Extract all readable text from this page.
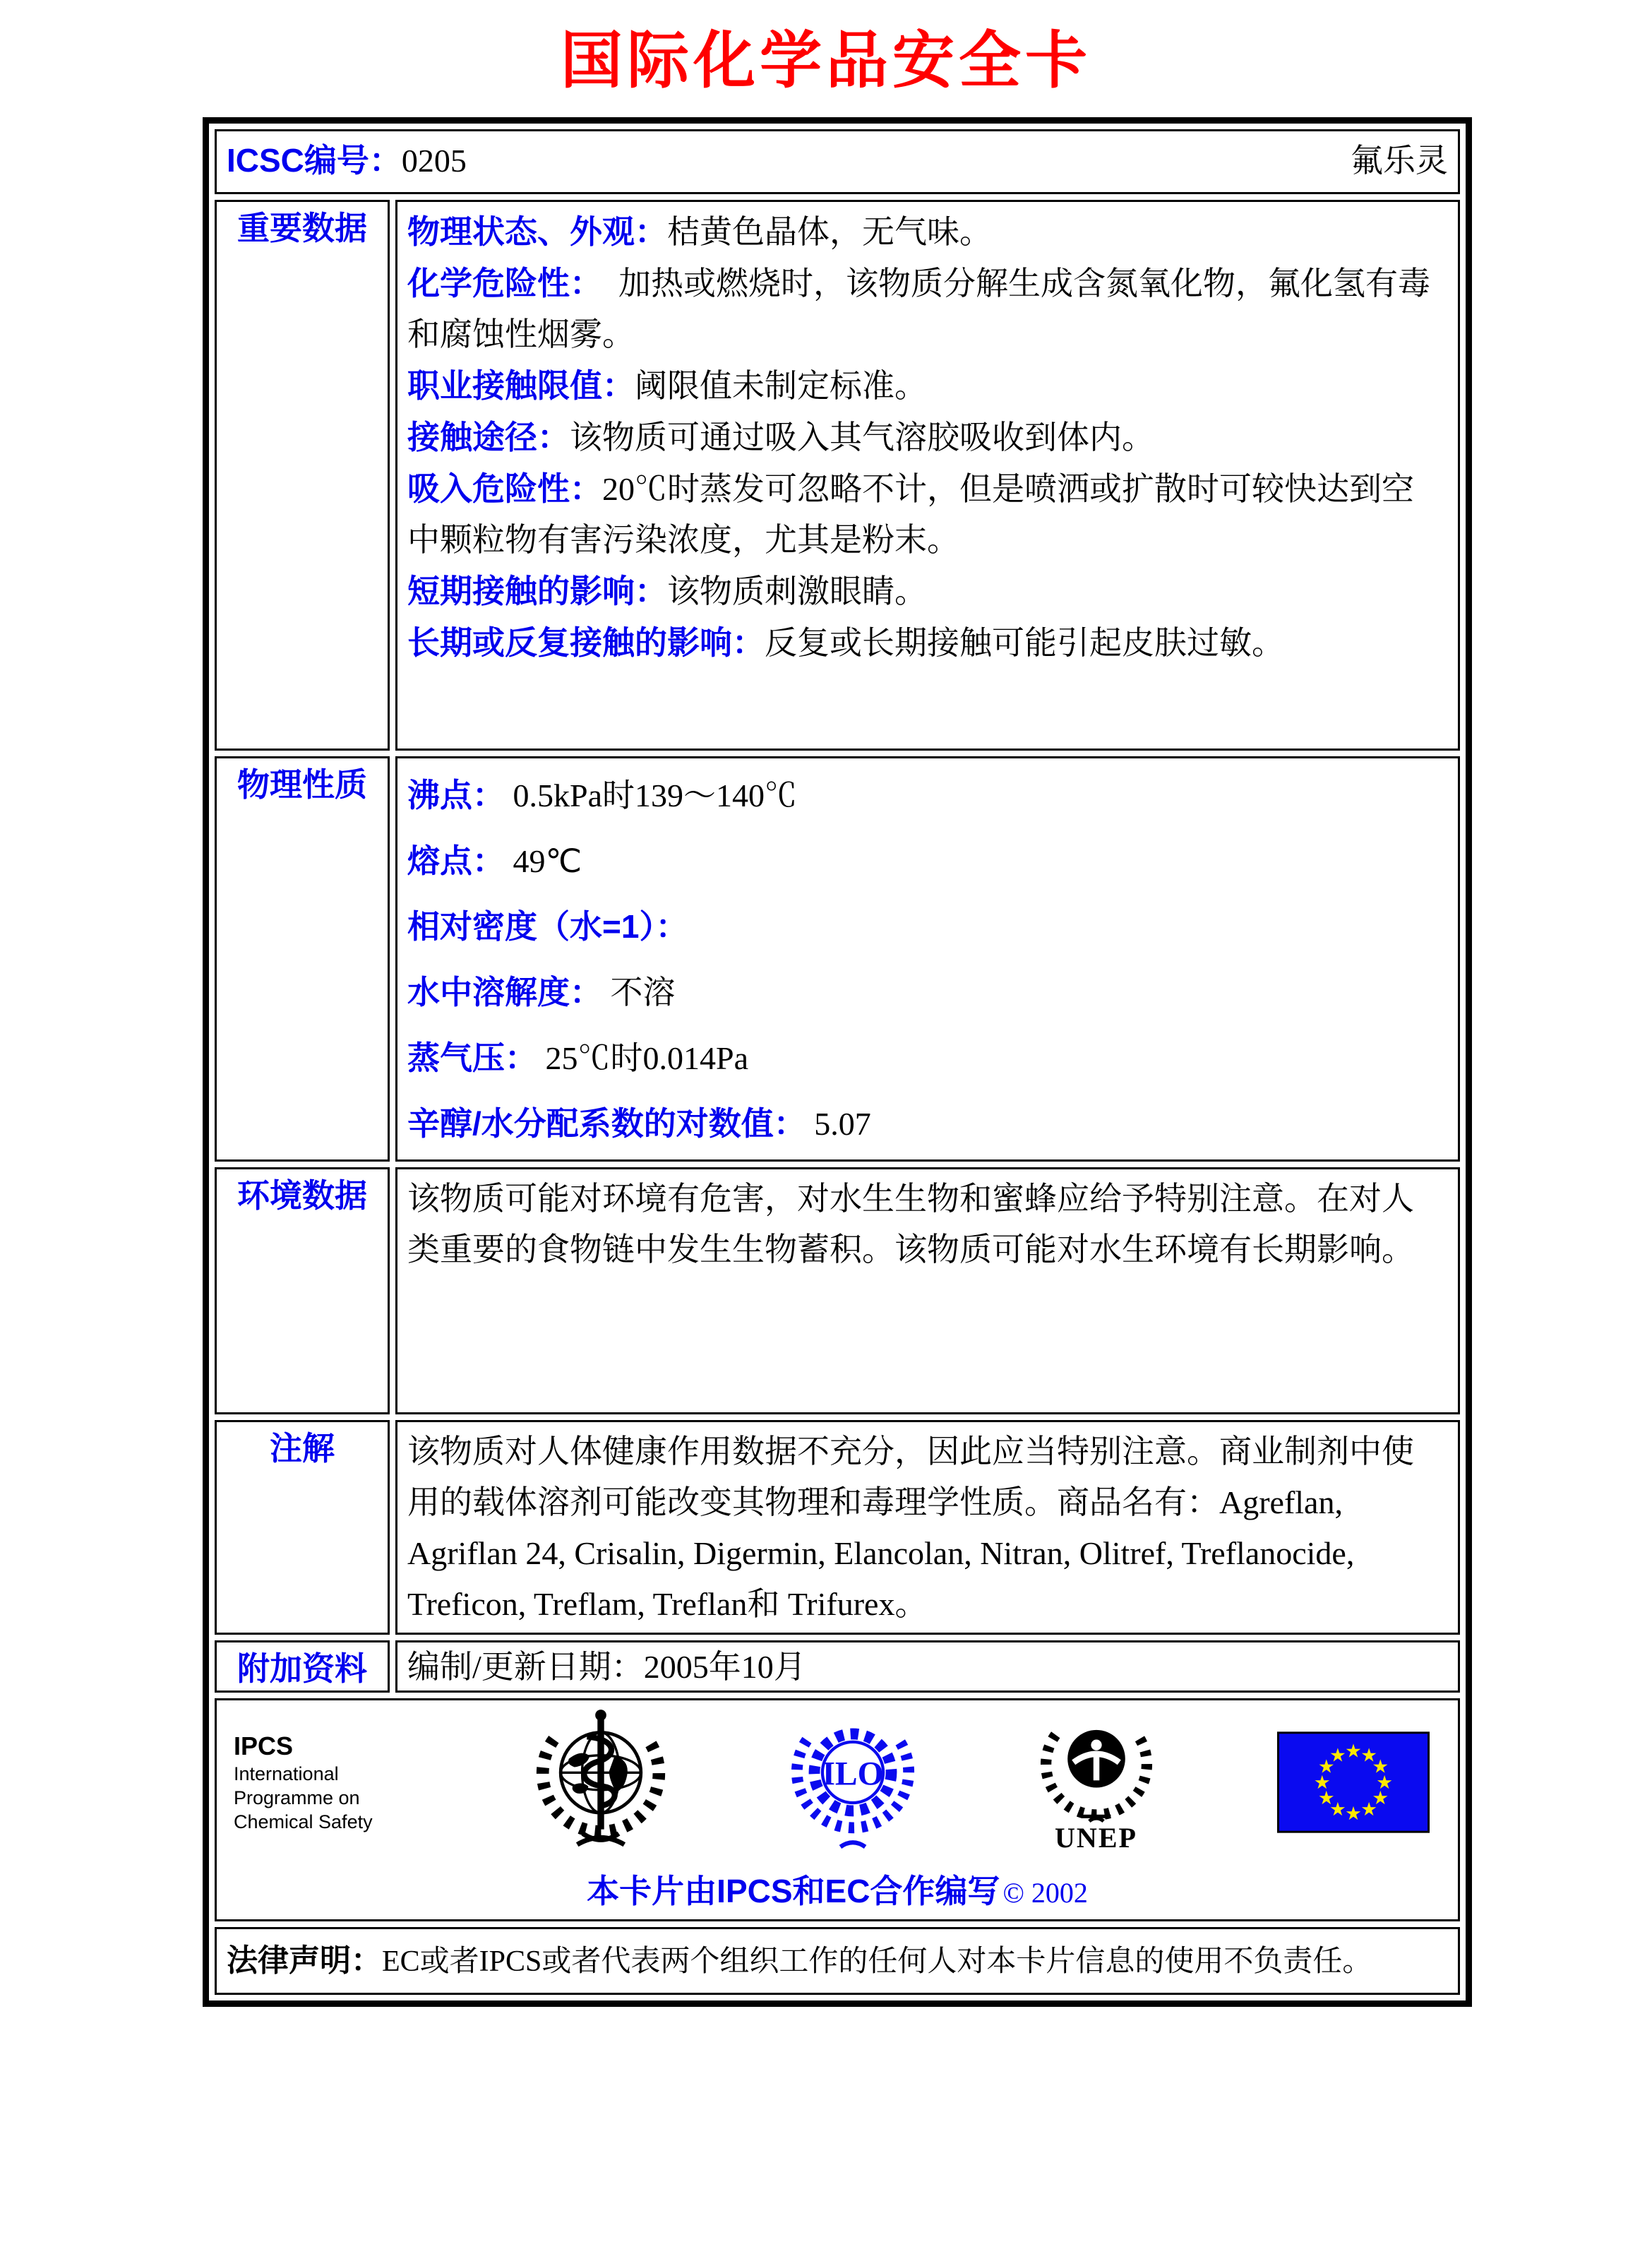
国际化学品安全卡
ICSC编号：0205 氟乐灵	

重要数据	物理状态、外观：桔黄色晶体，无气味。

化学危险性：　加热或燃烧时，该物质分解生成含氮氧化物，氟化氢有毒和腐蚀性烟雾。

职业接触限值：阈限值未制定标准。

接触途径：该物质可通过吸入其气溶胶吸收到体内。

吸入危险性：20℃时蒸发可忽略不计，但是喷洒或扩散时可较快达到空中颗粒物有害污染浓度，尤其是粉末。

短期接触的影响：该物质刺激眼睛。

长期或反复接触的影响：反复或长期接触可能引起皮肤过敏。

物理性质	沸点： 0.5kPa时139～140℃

熔点： 49℃

相对密度（水=1）：

水中溶解度： 不溶

蒸气压： 25℃时0.014Pa

辛醇/水分配系数的对数值： 5.07

环境数据	该物质可能对环境有危害，对水生生物和蜜蜂应给予特别注意。在对人类重要的食物链中发生生物蓄积。该物质可能对水生环境有长期影响。

注解	该物质对人体健康作用数据不充分，因此应当特别注意。商业制剂中使用的载体溶剂可能改变其物理和毒理学性质。商品名有：Agreflan, Agriflan 24, Crisalin, Digermin, Elancolan, Nitran, Olitref, Treflanocide, Treficon, Treflam, Treflan和 Trifurex。

附加资料	编制/更新日期：2005年10月

IPCS
International
Programme on
Chemical Safety
ILO
UNEP
★
★
★
★
★
★
★
★
★
★
★
★
本卡片由IPCS和EC合作编写 © 2002

法律声明：EC或者IPCS或者代表两个组织工作的任何人对本卡片信息的使用不负责任。	
